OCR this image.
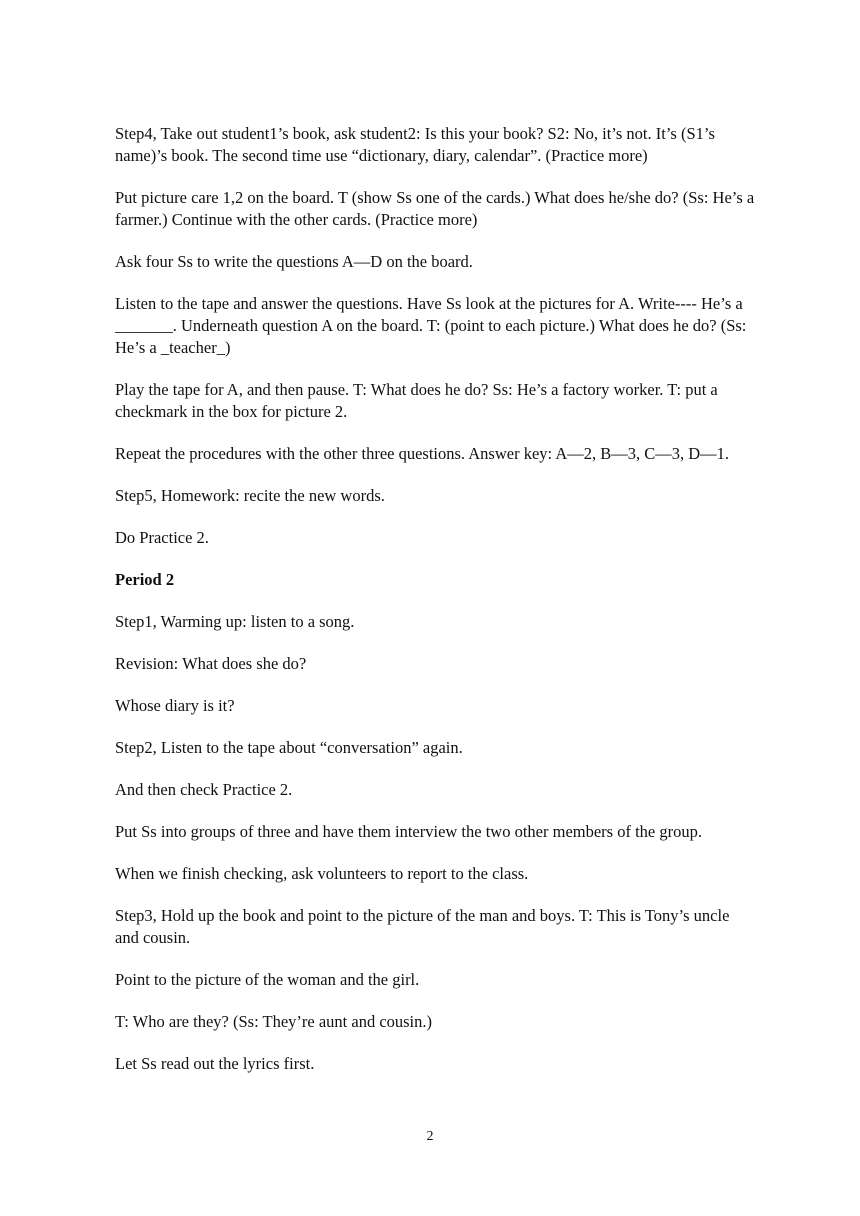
Step4, Take out student1’s book, ask student2: Is this your book? S2: No, it’s not. It’s (S1’s name)’s book. The second time use “dictionary, diary, calendar”. (Practice more)

Put picture care 1,2 on the board. T (show Ss one of the cards.) What does he/she do? (Ss: He’s a farmer.) Continue with the other cards. (Practice more)

Ask four Ss to write the questions A—D on the board.

Listen to the tape and answer the questions. Have Ss look at the pictures for A. Write---- He’s a _______. Underneath question A on the board. T: (point to each picture.) What does he do? (Ss: He’s a _teacher_)

Play the tape for A, and then pause. T: What does he do? Ss: He’s a factory worker. T: put a checkmark in the box for picture 2.

Repeat the procedures with the other three questions. Answer key: A—2, B—3, C—3, D—1.

Step5, Homework: recite the new words.

Do Practice 2.

Period 2

Step1, Warming up: listen to a song.

Revision: What does she do?

Whose diary is it?

Step2, Listen to the tape about “conversation” again.

And then check Practice 2.

Put Ss into groups of three and have them interview the two other members of the group.

When we finish checking, ask volunteers to report to the class.

Step3, Hold up the book and point to the picture of the man and boys. T: This is Tony’s uncle and cousin.

Point to the picture of the woman and the girl.

T: Who are they? (Ss: They’re aunt and cousin.)

Let Ss read out the lyrics first.

2
